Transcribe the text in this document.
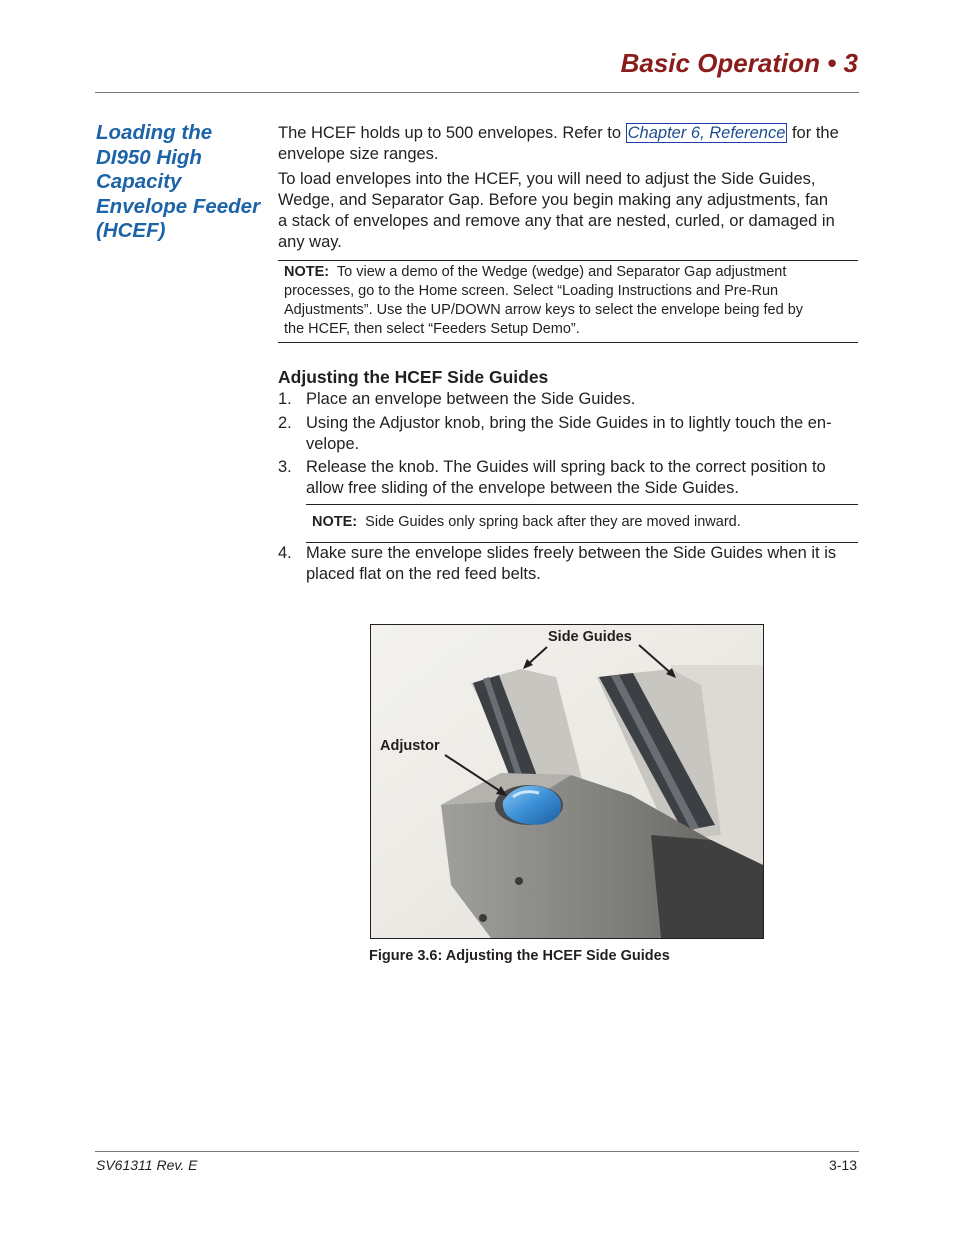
Basic Operation • 3
Loading the
DI950 High
Capacity
Envelope Feeder
(HCEF)

The HCEF holds up to 500 envelopes. Refer to Chapter 6, Reference for the
envelope size ranges.

To load envelopes into the HCEF, you will need to adjust the Side Guides,
Wedge, and Separator Gap. Before you begin making any adjustments, fan
a stack of envelopes and remove any that are nested, curled, or damaged in
any way.

NOTE: To view a demo of the Wedge (wedge) and Separator Gap adjustment
processes, go to the Home screen. Select “Loading Instructions and Pre-Run
Adjustments”. Use the UP/DOWN arrow keys to select the envelope being fed by
the HCEF, then select “Feeders Setup Demo”.
Adjusting the HCEF Side Guides
1. Place an envelope between the Side Guides.
2. Using the Adjustor knob, bring the Side Guides in to lightly touch the en-
velope.
3. Release the knob. The Guides will spring back to the correct position to
allow free sliding of the envelope between the Side Guides.
NOTE: Side Guides only spring back after they are moved inward.
4. Make sure the envelope slides freely between the Side Guides when it is
placed flat on the red feed belts.
Side Guides
Adjustor
Figure 3.6: Adjusting the HCEF Side Guides
SV61311 Rev. E	3-13
